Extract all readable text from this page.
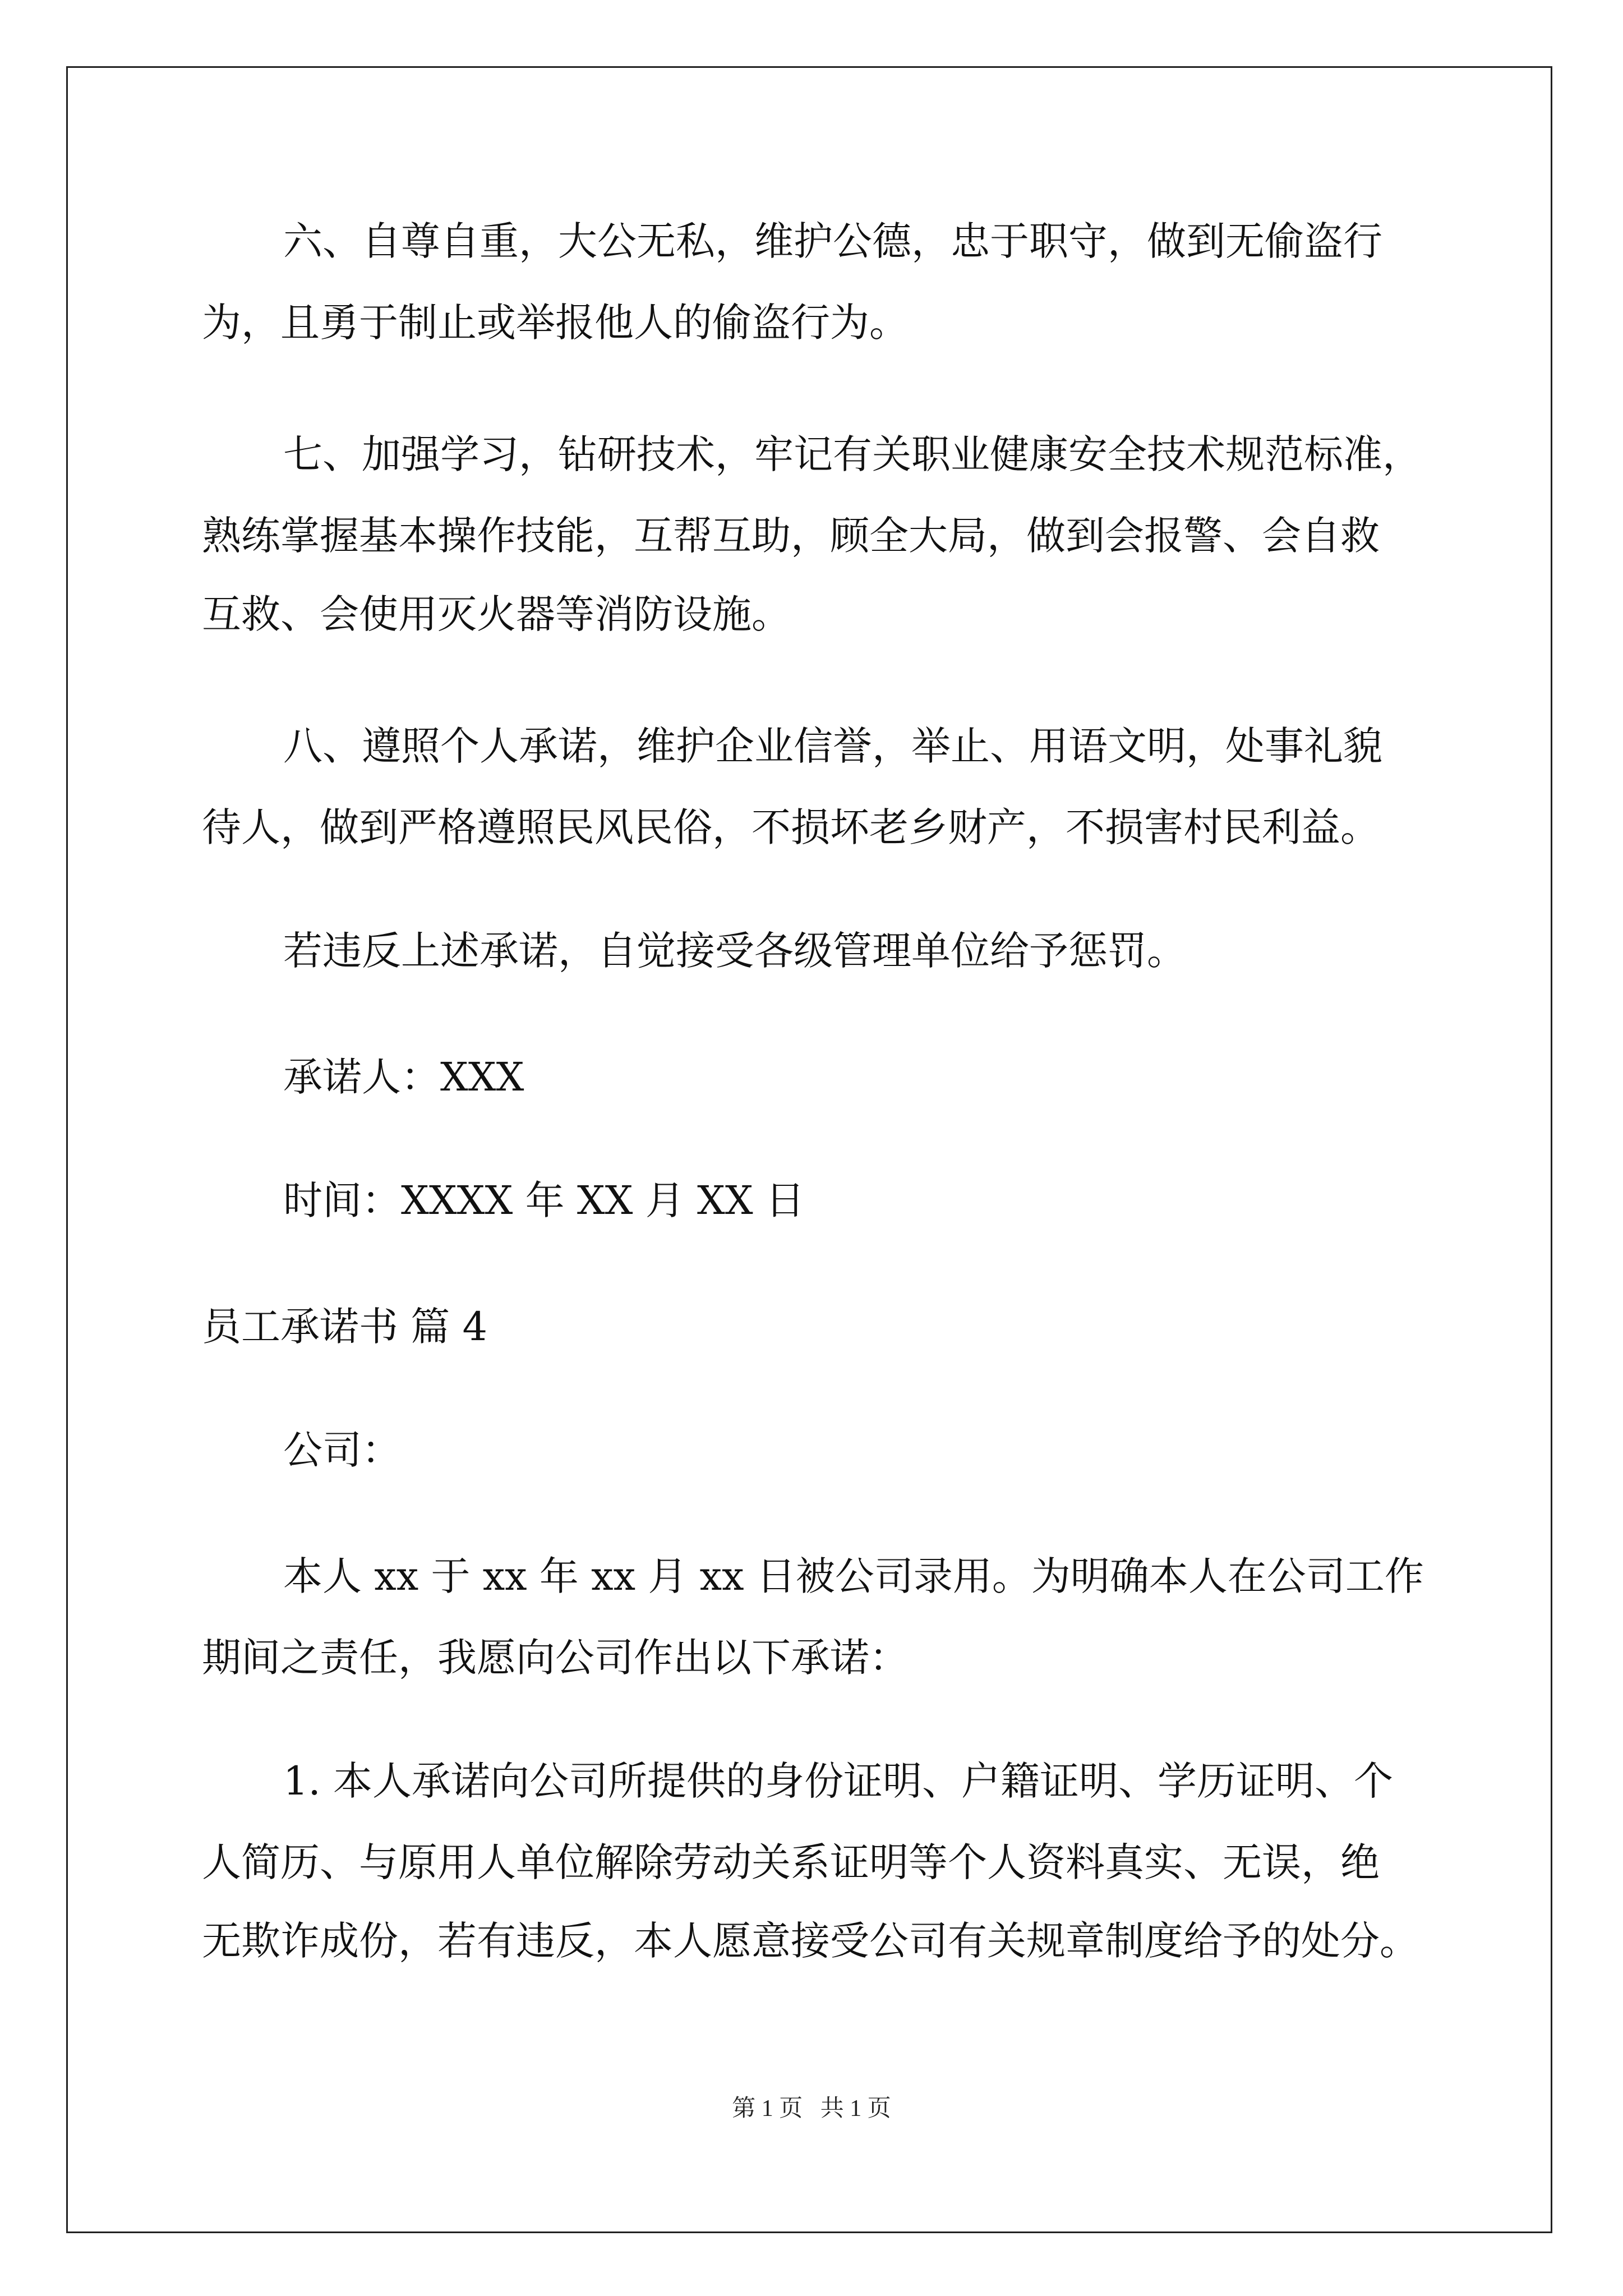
六、自尊自重，大公无私，维护公德，忠于职守，做到无偷盗行
为，且勇于制止或举报他人的偷盗行为。
七、加强学习，钻研技术，牢记有关职业健康安全技术规范标准，
熟练掌握基本操作技能，互帮互助，顾全大局，做到会报警、会自救
互救、会使用灭火器等消防设施。
八、遵照个人承诺，维护企业信誉，举止、用语文明，处事礼貌
待人，做到严格遵照民风民俗，不损坏老乡财产，不损害村民利益。
若违反上述承诺，自觉接受各级管理单位给予惩罚。
承诺人：XXX
时间：XXXX 年 XX 月 XX 日
员工承诺书 篇 4
公司：
本人 xx 于 xx 年 xx 月 xx 日被公司录用。为明确本人在公司工作
期间之责任，我愿向公司作出以下承诺：
1. 本人承诺向公司所提供的身份证明、户籍证明、学历证明、个
人简历、与原用人单位解除劳动关系证明等个人资料真实、无误，绝
无欺诈成份，若有违反，本人愿意接受公司有关规章制度给予的处分。
第 1 页   共 1 页
